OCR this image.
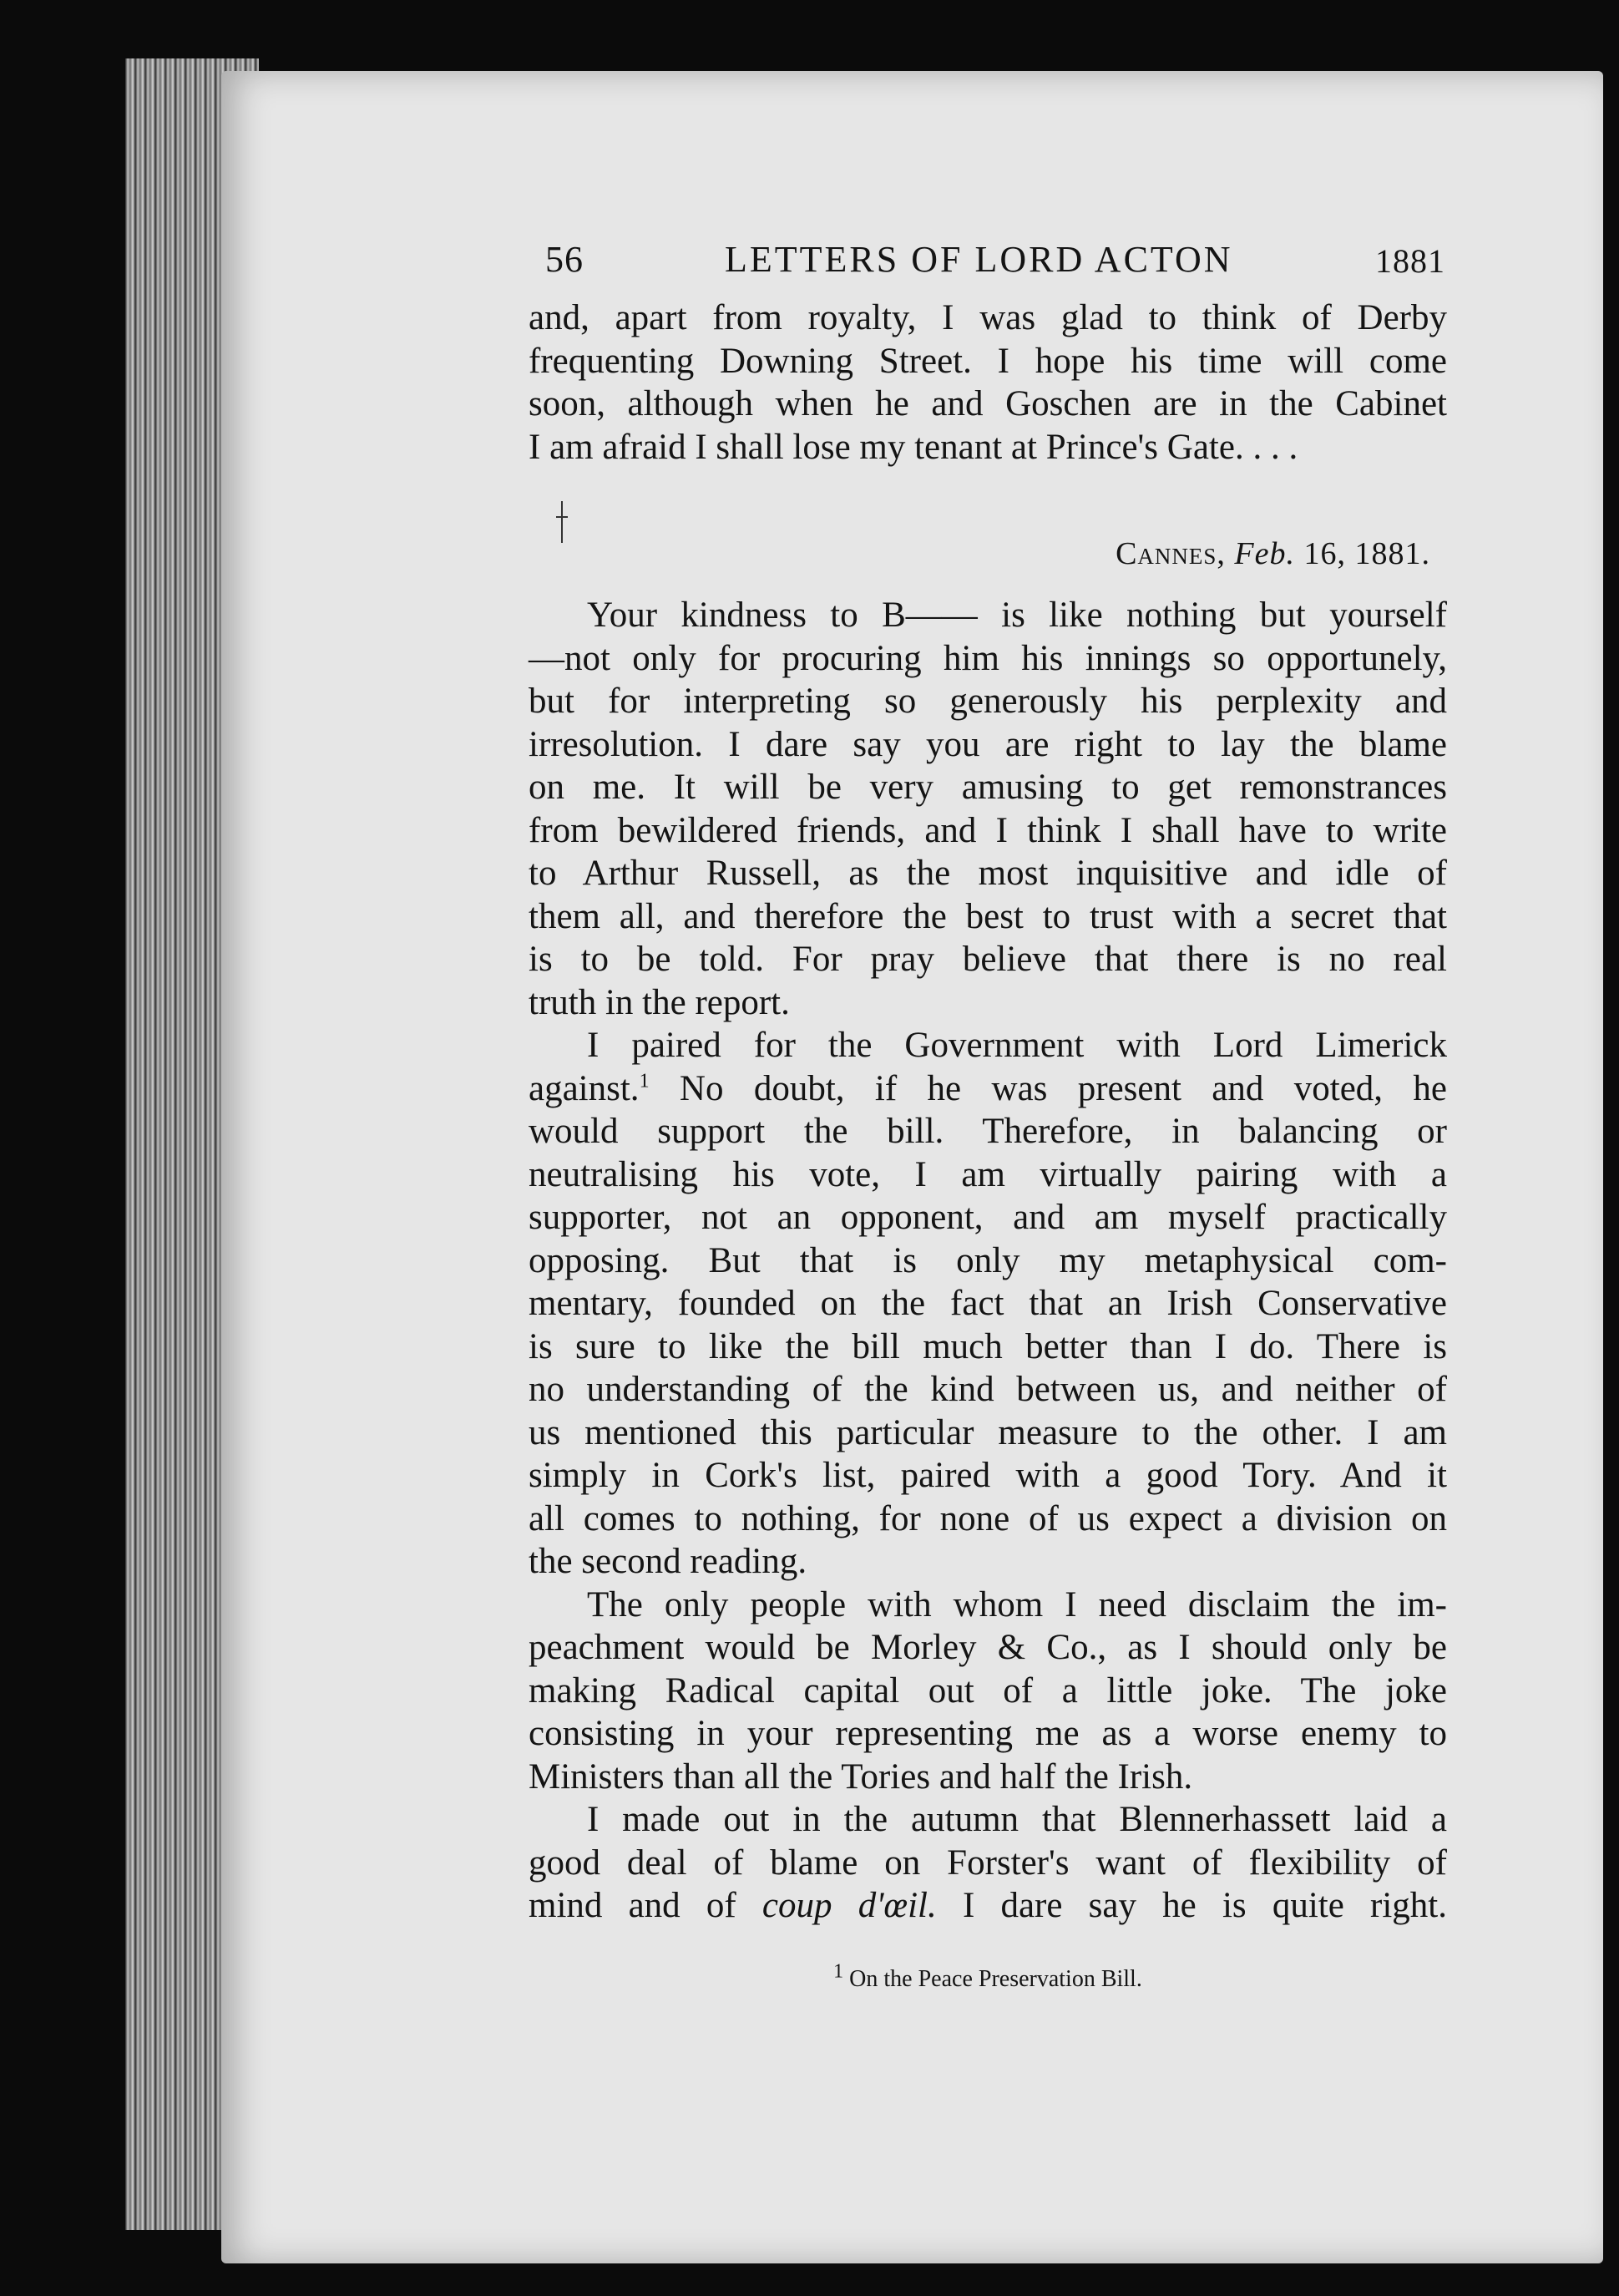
56	LETTERS OF LORD ACTON	1881
and, apart from royalty, I was glad to think of Derby
frequenting Downing Street. I hope his time will come
soon, although when he and Goschen are in the Cabinet
I am afraid I shall lose my tenant at Prince's Gate. . . .
Cannes, Feb. 16, 1881.
Your kindness to B—— is like nothing but yourself
—not only for procuring him his innings so opportunely,
but for interpreting so generously his perplexity and
irresolution. I dare say you are right to lay the blame
on me. It will be very amusing to get remonstrances
from bewildered friends, and I think I shall have to write
to Arthur Russell, as the most inquisitive and idle of
them all, and therefore the best to trust with a secret that
is to be told. For pray believe that there is no real
truth in the report.
I paired for the Government with Lord Limerick
against.$^1$ No doubt, if he was present and voted, he
would support the bill. Therefore, in balancing or
neutralising his vote, I am virtually pairing with a
supporter, not an opponent, and am myself practically
opposing. But that is only my metaphysical com-
mentary, founded on the fact that an Irish Conservative
is sure to like the bill much better than I do. There is
no understanding of the kind between us, and neither of
us mentioned this particular measure to the other. I am
simply in Cork's list, paired with a good Tory. And it
all comes to nothing, for none of us expect a division on
the second reading.
The only people with whom I need disclaim the im-
peachment would be Morley & Co., as I should only be
making Radical capital out of a little joke. The joke
consisting in your representing me as a worse enemy to
Ministers than all the Tories and half the Irish.
I made out in the autumn that Blennerhassett laid a
good deal of blame on Forster's want of flexibility of
mind and of coup d'œil. I dare say he is quite right.
$^1$ On the Peace Preservation Bill.
